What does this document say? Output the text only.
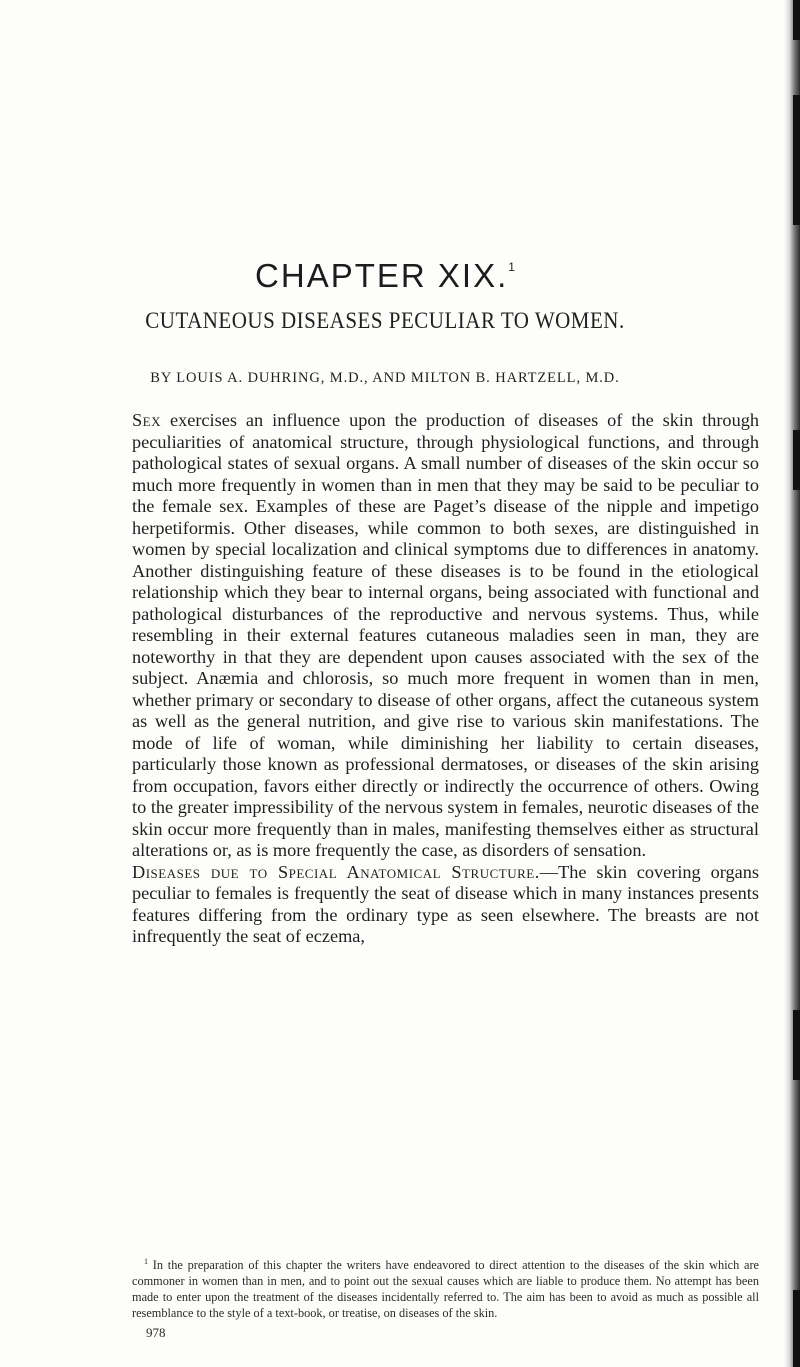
CHAPTER XIX.$^1$
CUTANEOUS DISEASES PECULIAR TO WOMEN.
BY LOUIS A. DUHRING, M.D., AND MILTON B. HARTZELL, M.D.

Sex exercises an influence upon the production of diseases of the skin through peculiarities of anatomical structure, through physiological functions, and through pathological states of sexual organs. A small number of diseases of the skin occur so much more frequently in women than in men that they may be said to be peculiar to the female sex. Examples of these are Paget’s disease of the nipple and impetigo herpetiformis. Other diseases, while common to both sexes, are distinguished in women by special localization and clinical symptoms due to differences in anatomy. Another distinguishing feature of these diseases is to be found in the etiological relationship which they bear to internal organs, being associated with functional and pathological disturbances of the reproductive and nervous systems. Thus, while resembling in their external features cutaneous maladies seen in man, they are noteworthy in that they are dependent upon causes associated with the sex of the subject. Anæmia and chlorosis, so much more frequent in women than in men, whether primary or secondary to disease of other organs, affect the cutaneous system as well as the general nutrition, and give rise to various skin manifestations. The mode of life of woman, while diminishing her liability to certain diseases, particularly those known as professional dermatoses, or diseases of the skin arising from occupation, favors either directly or indirectly the occurrence of others. Owing to the greater impressibility of the nervous system in females, neurotic diseases of the skin occur more frequently than in males, manifesting themselves either as structural alterations or, as is more frequently the case, as disorders of sensation.

Diseases due to Special Anatomical Structure.—The skin covering organs peculiar to females is frequently the seat of disease which in many instances presents features differing from the ordinary type as seen elsewhere. The breasts are not infrequently the seat of eczema,

$^1$ In the preparation of this chapter the writers have endeavored to direct attention to the diseases of the skin which are commoner in women than in men, and to point out the sexual causes which are liable to produce them. No attempt has been made to enter upon the treatment of the diseases incidentally referred to. The aim has been to avoid as much as possible all resemblance to the style of a text-book, or treatise, on diseases of the skin.

978
